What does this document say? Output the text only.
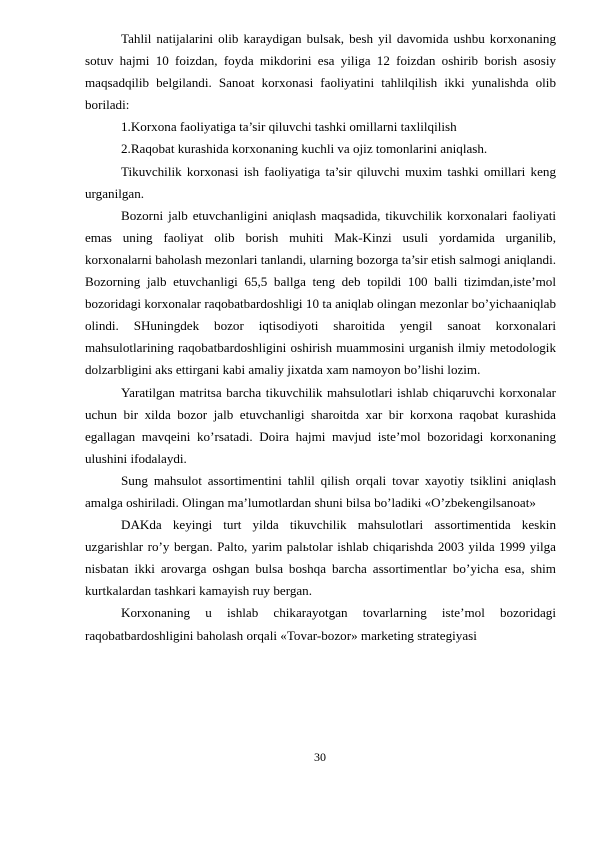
Tahlil natijalarini olib karaydigan bulsak, besh yil davomida ushbu korxonaning sotuv hajmi 10 foizdan, foyda mikdorini esa yiliga 12 foizdan oshirib borish asosiy maqsadqilib belgilandi. Sanoat korxonasi faoliyatini tahlilqilish ikki yunalishda olib boriladi:

1.Korxona faoliyatiga ta’sir qiluvchi tashki omillarni taxlilqilish

2.Raqobat kurashida korxonaning kuchli va ojiz tomonlarini aniqlash.

Tikuvchilik korxonasi ish faoliyatiga ta’sir qiluvchi muxim tashki omillari keng urganilgan.

Bozorni jalb etuvchanligini aniqlash maqsadida, tikuvchilik korxonalari faoliyati emas uning faoliyat olib borish muhiti Mak-Kinzi usuli yordamida urganilib, korxonalarni baholash mezonlari tanlandi, ularning bozorga ta’sir etish salmogi aniqlandi. Bozorning jalb etuvchanligi 65,5 ballga teng deb topildi 100 balli tizimdan,iste’mol bozoridagi korxonalar raqobatbardoshligi 10 ta aniqlab olingan mezonlar bo’yichaaniqlab olindi. SHuningdek bozor iqtisodiyoti sharoitida yengil sanoat korxonalari mahsulotlarining raqobatbardoshligini oshirish muammosini urganish ilmiy metodologik dolzarbligini aks ettirgani kabi amaliy jixatda xam namoyon bo’lishi lozim.

Yaratilgan matritsa barcha tikuvchilik mahsulotlari ishlab chiqaruvchi korxonalar uchun bir xilda bozor jalb etuvchanligi sharoitda xar bir korxona raqobat kurashida egallagan mavqeini ko’rsatadi. Doira hajmi mavjud iste’mol bozoridagi korxonaning ulushini ifodalaydi.

Sung mahsulot assortimentini tahlil qilish orqali tovar xayotiy tsiklini aniqlash amalga oshiriladi. Olingan ma’lumotlardan shuni bilsa bo’ladiki «O’zbekengilsanoat»

DAKda keyingi turt yilda tikuvchilik mahsulotlari assortimentida keskin uzgarishlar ro’y bergan. Palto, yarim palьtolar ishlab chiqarishda 2003 yilda 1999 yilga nisbatan ikki arovarga oshgan bulsa boshqa barcha assortimentlar bo’yicha esa, shim kurtkalardan tashkari kamayish ruy bergan.

Korxonaning u ishlab chikarayotgan tovarlarning iste’mol bozoridagi raqobatbardoshligini baholash orqali «Tovar-bozor» marketing strategiyasi

30
